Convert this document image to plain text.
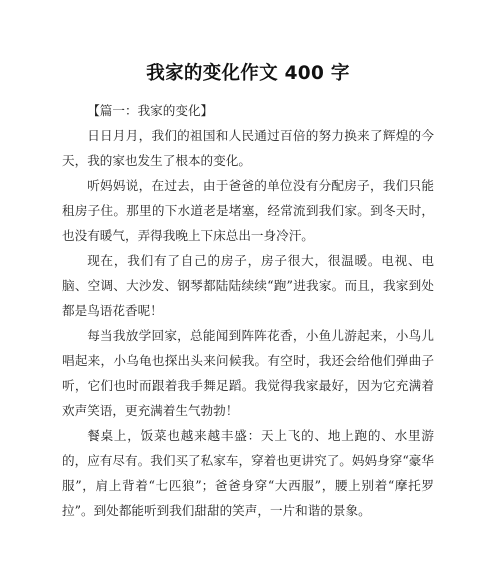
我家的变化作文 400 字

【篇一：我家的变化】

日日月月，我们的祖国和人民通过百倍的努力换来了辉煌的今天，我的家也发生了根本的变化。

听妈妈说，在过去，由于爸爸的单位没有分配房子，我们只能租房子住。那里的下水道老是堵塞，经常流到我们家。到冬天时，也没有暖气，弄得我晚上下床总出一身冷汗。

现在，我们有了自己的房子，房子很大，很温暖。电视、电脑、空调、大沙发、钢琴都陆陆续续“跑”进我家。而且，我家到处都是鸟语花香呢！

每当我放学回家，总能闻到阵阵花香，小鱼儿游起来，小鸟儿唱起来，小乌龟也探出头来问候我。有空时，我还会给他们弹曲子听，它们也时而跟着我手舞足蹈。我觉得我家最好，因为它充满着欢声笑语，更充满着生气勃勃！

餐桌上，饭菜也越来越丰盛：天上飞的、地上跑的、水里游的，应有尽有。我们买了私家车，穿着也更讲究了。妈妈身穿“豪华服”，肩上背着“七匹狼”；爸爸身穿“大西服”，腰上别着“摩托罗拉”。到处都能听到我们甜甜的笑声，一片和谐的景象。
